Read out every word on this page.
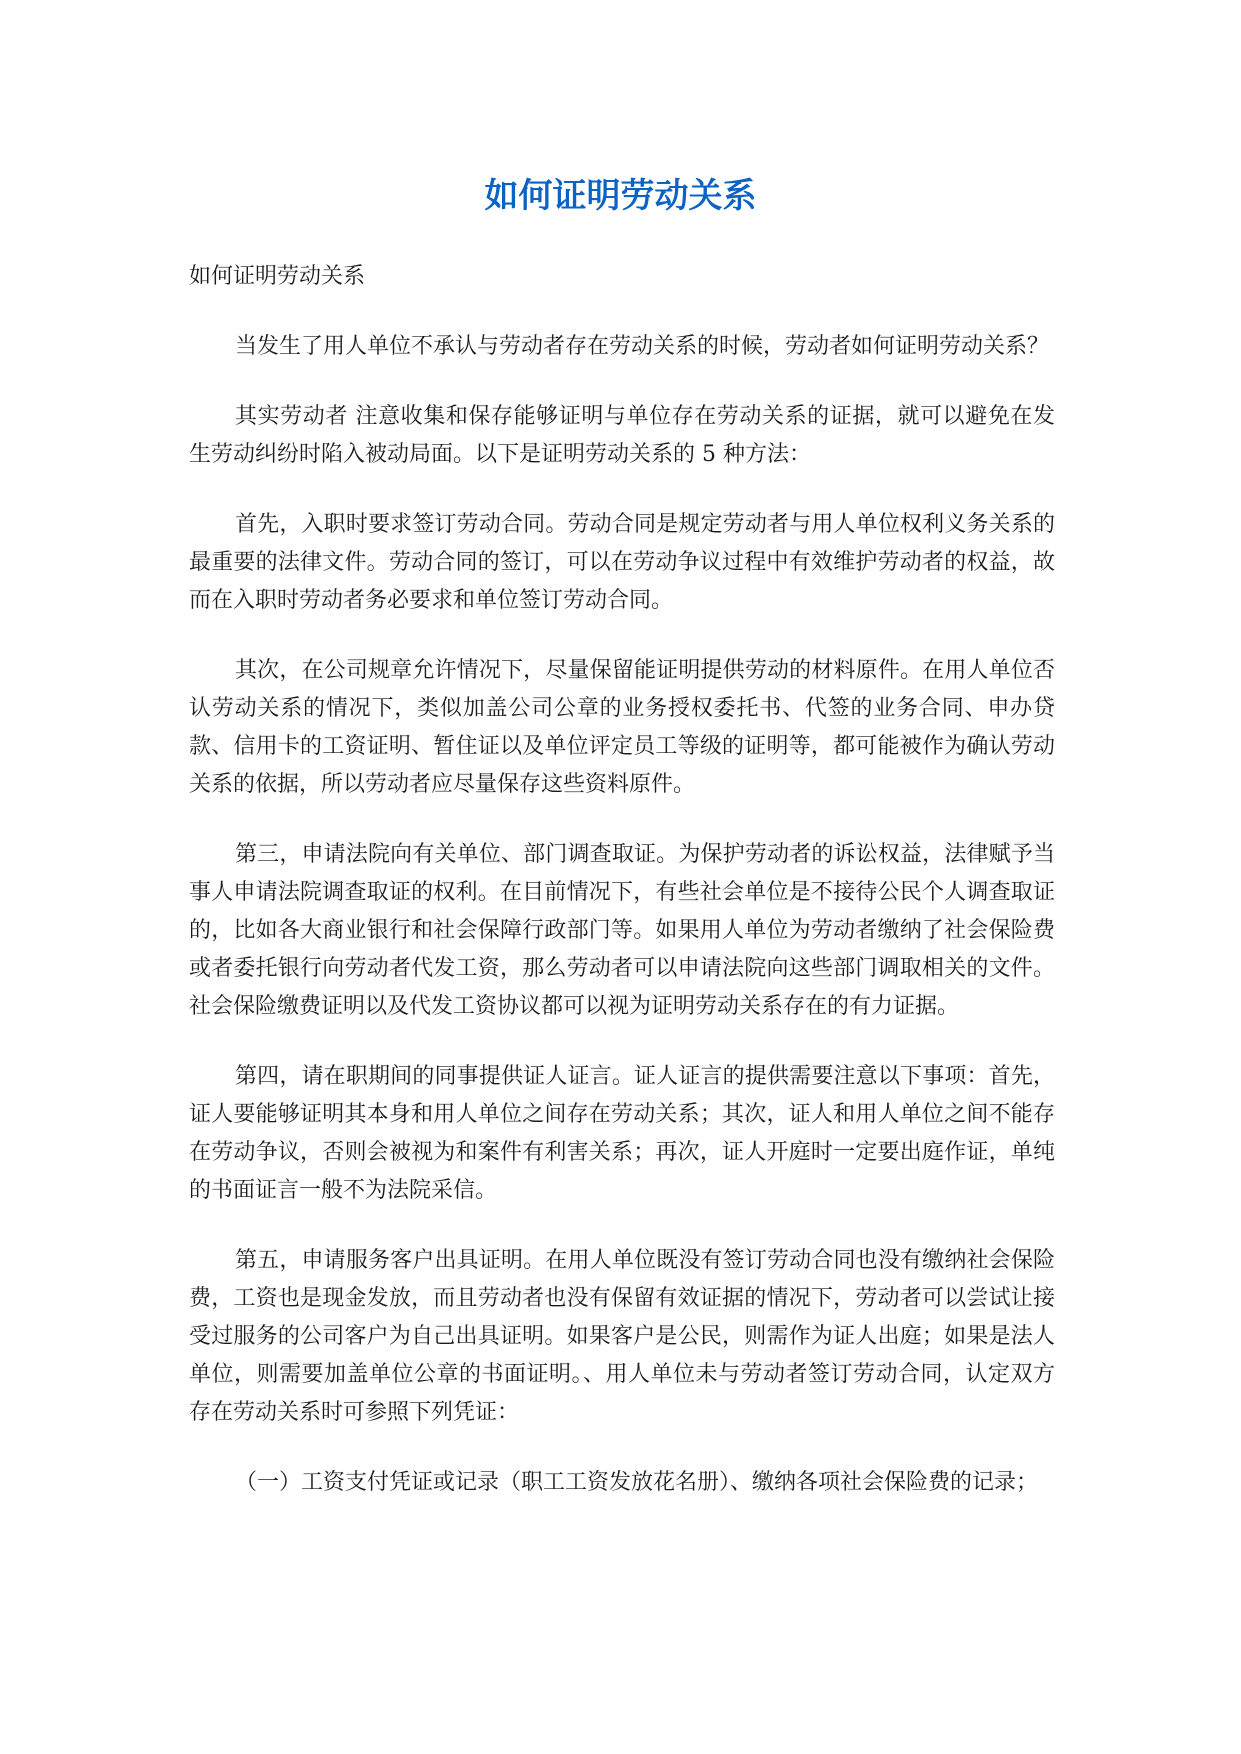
如何证明劳动关系

如何证明劳动关系

当发生了用人单位不承认与劳动者存在劳动关系的时候，劳动者如何证明劳动关系？

其实劳动者 注意收集和保存能够证明与单位存在劳动关系的证据，就可以避免在发生劳动纠纷时陷入被动局面。以下是证明劳动关系的 5 种方法：

首先，入职时要求签订劳动合同。劳动合同是规定劳动者与用人单位权利义务关系的最重要的法律文件。劳动合同的签订，可以在劳动争议过程中有效维护劳动者的权益，故而在入职时劳动者务必要求和单位签订劳动合同。

其次，在公司规章允许情况下，尽量保留能证明提供劳动的材料原件。在用人单位否认劳动关系的情况下，类似加盖公司公章的业务授权委托书、代签的业务合同、申办贷款、信用卡的工资证明、暂住证以及单位评定员工等级的证明等，都可能被作为确认劳动关系的依据，所以劳动者应尽量保存这些资料原件。

第三，申请法院向有关单位、部门调查取证。为保护劳动者的诉讼权益，法律赋予当事人申请法院调查取证的权利。在目前情况下，有些社会单位是不接待公民个人调查取证的，比如各大商业银行和社会保障行政部门等。如果用人单位为劳动者缴纳了社会保险费或者委托银行向劳动者代发工资，那么劳动者可以申请法院向这些部门调取相关的文件。社会保险缴费证明以及代发工资协议都可以视为证明劳动关系存在的有力证据。

第四，请在职期间的同事提供证人证言。证人证言的提供需要注意以下事项：首先，证人要能够证明其本身和用人单位之间存在劳动关系；其次，证人和用人单位之间不能存在劳动争议，否则会被视为和案件有利害关系；再次，证人开庭时一定要出庭作证，单纯的书面证言一般不为法院采信。

第五，申请服务客户出具证明。在用人单位既没有签订劳动合同也没有缴纳社会保险费，工资也是现金发放，而且劳动者也没有保留有效证据的情况下，劳动者可以尝试让接受过服务的公司客户为自己出具证明。如果客户是公民，则需作为证人出庭；如果是法人单位，则需要加盖单位公章的书面证明。、用人单位未与劳动者签订劳动合同，认定双方存在劳动关系时可参照下列凭证：

（一）工资支付凭证或记录（职工工资发放花名册）、缴纳各项社会保险费的记录；
